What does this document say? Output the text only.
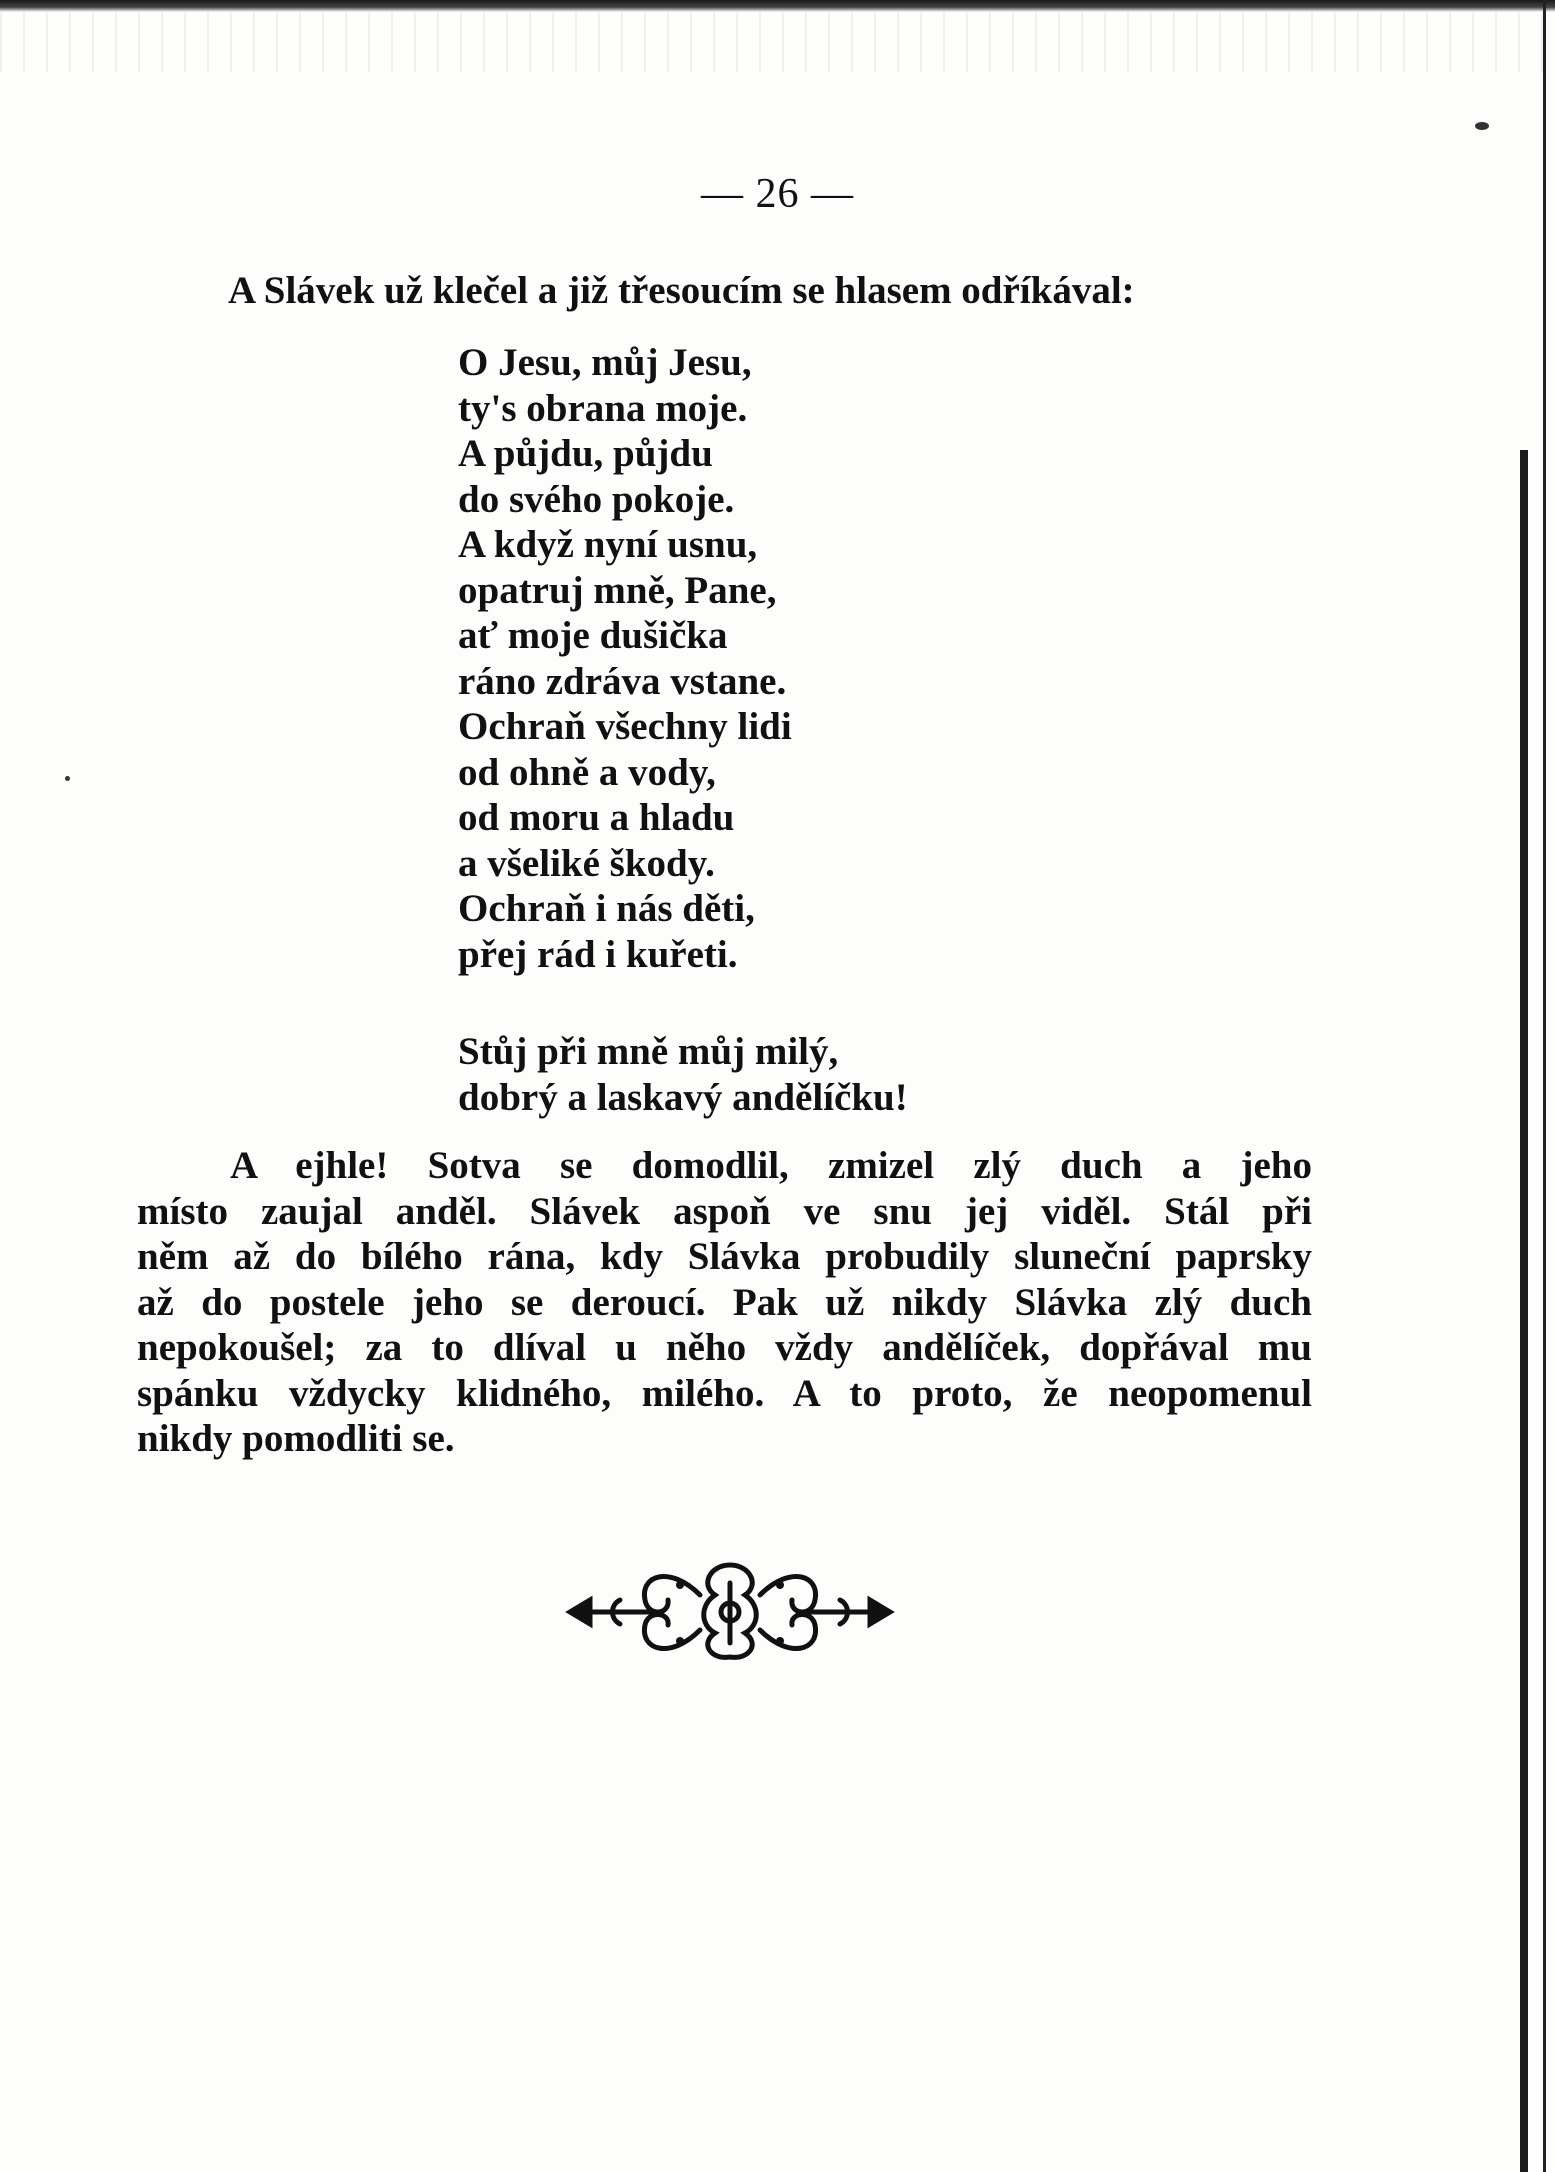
— 26 —
A Slávek už klečel a již třesoucím se hlasem odříkával:
O Jesu, můj Jesu,
ty's obrana moje.
A půjdu, půjdu
do svého pokoje.
A když nyní usnu,
opatruj mně, Pane,
ať moje dušička
ráno zdráva vstane.
Ochraň všechny lidi
od ohně a vody,
od moru a hladu
a všeliké škody.
Ochraň i nás děti,
přej rád i kuřeti.
Stůj při mně můj milý,
dobrý a laskavý andělíčku!
A ejhle! Sotva se domodlil, zmizel zlý duch a jeho
místo zaujal anděl. Slávek aspoň ve snu jej viděl. Stál při
něm až do bílého rána, kdy Slávka probudily sluneční paprsky
až do postele jeho se deroucí. Pak už nikdy Slávka zlý duch
nepokoušel; za to dlíval u něho vždy andělíček, dopřával mu
spánku vždycky klidného, milého. A to proto, že neopomenul
nikdy pomodliti se.
